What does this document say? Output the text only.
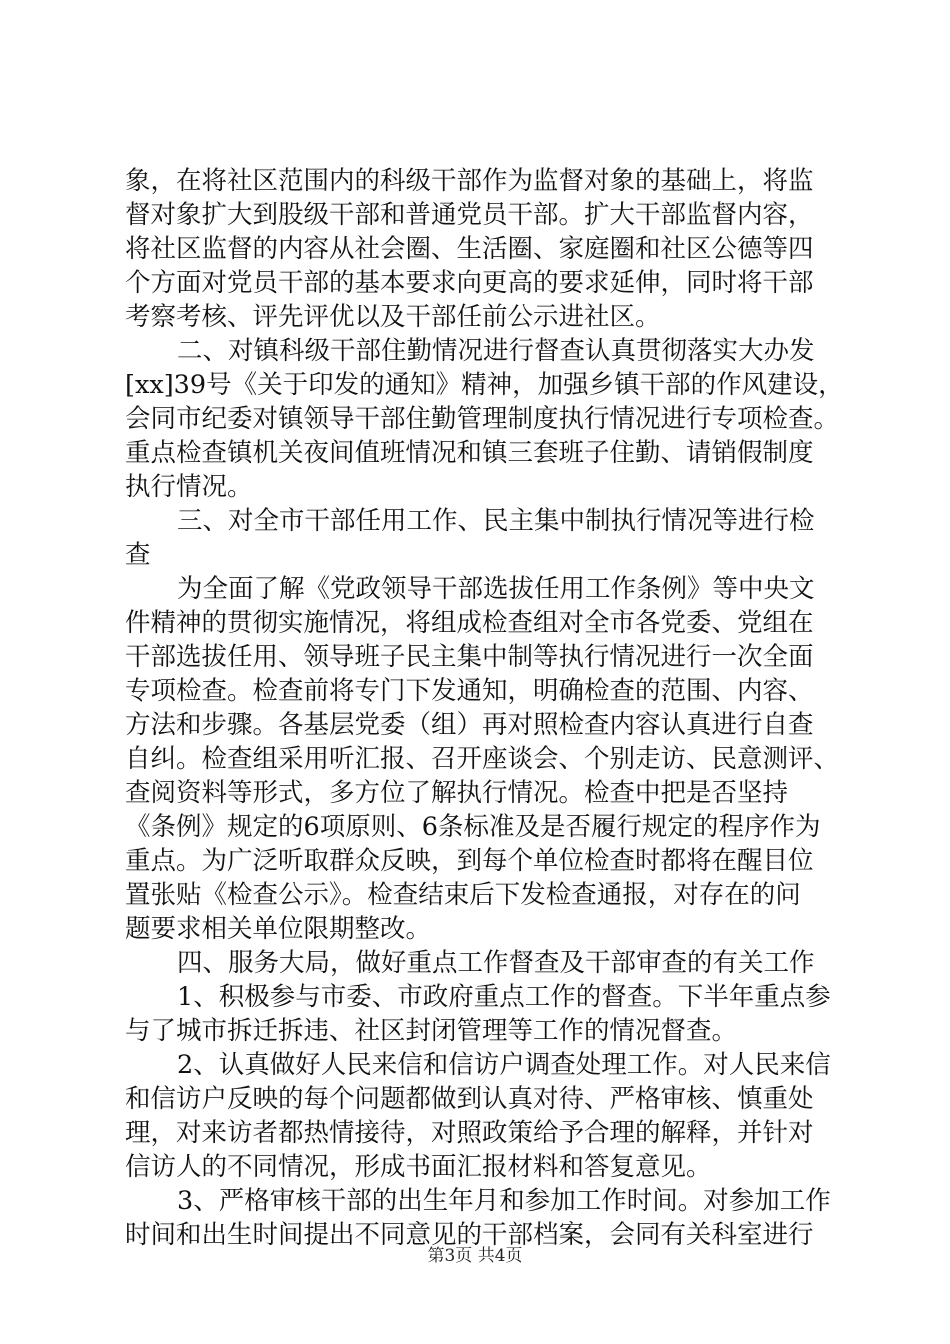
象，在将社区范围内的科级干部作为监督对象的基础上，将监
督对象扩大到股级干部和普通党员干部。扩大干部监督内容，
将社区监督的内容从社会圈、生活圈、家庭圈和社区公德等四
个方面对党员干部的基本要求向更高的要求延伸，同时将干部
考察考核、评先评优以及干部任前公示进社区。
二、对镇科级干部住勤情况进行督查认真贯彻落实大办发
[xx]39号《关于印发的通知》精神，加强乡镇干部的作风建设，
会同市纪委对镇领导干部住勤管理制度执行情况进行专项检查。
重点检查镇机关夜间值班情况和镇三套班子住勤、请销假制度
执行情况。
三、对全市干部任用工作、民主集中制执行情况等进行检
查
为全面了解《党政领导干部选拔任用工作条例》等中央文
件精神的贯彻实施情况，将组成检查组对全市各党委、党组在
干部选拔任用、领导班子民主集中制等执行情况进行一次全面
专项检查。检查前将专门下发通知，明确检查的范围、内容、
方法和步骤。各基层党委（组）再对照检查内容认真进行自查
自纠。检查组采用听汇报、召开座谈会、个别走访、民意测评、
查阅资料等形式，多方位了解执行情况。检查中把是否坚持
《条例》规定的6项原则、6条标准及是否履行规定的程序作为
重点。为广泛听取群众反映，到每个单位检查时都将在醒目位
置张贴《检查公示》。检查结束后下发检查通报，对存在的问
题要求相关单位限期整改。
四、服务大局，做好重点工作督查及干部审查的有关工作
1、积极参与市委、市政府重点工作的督查。下半年重点参
与了城市拆迁拆违、社区封闭管理等工作的情况督查。
2、认真做好人民来信和信访户调查处理工作。对人民来信
和信访户反映的每个问题都做到认真对待、严格审核、慎重处
理，对来访者都热情接待，对照政策给予合理的解释，并针对
信访人的不同情况，形成书面汇报材料和答复意见。
3、严格审核干部的出生年月和参加工作时间。对参加工作
时间和出生时间提出不同意见的干部档案，会同有关科室进行
第3页 共4页
